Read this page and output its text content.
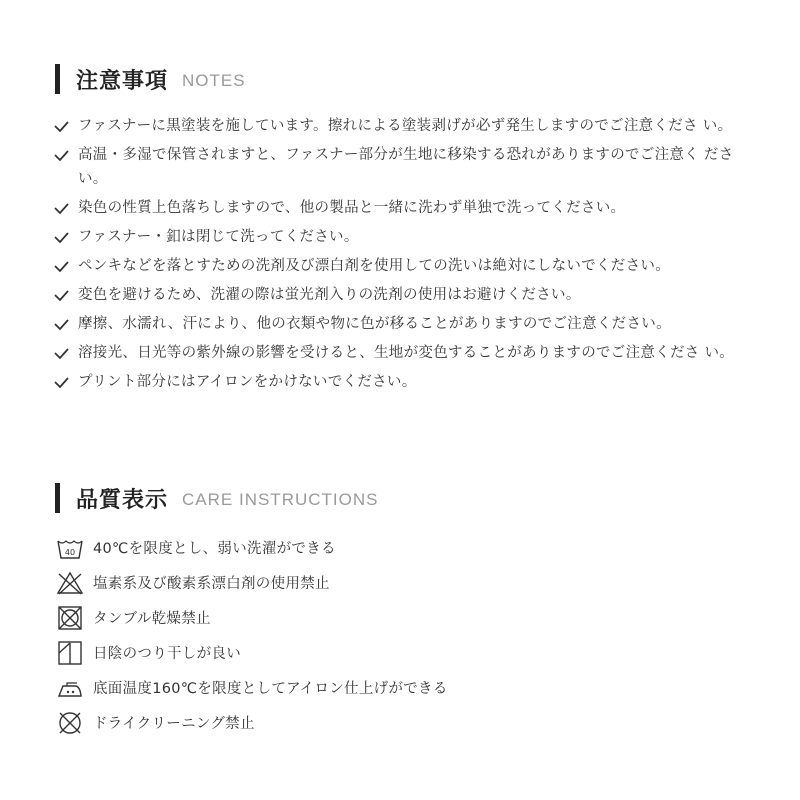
注意事項 NOTES
ファスナーに黒塗装を施しています。擦れによる塗装剥げが必ず発生しますのでご注意くださ い。
高温・多湿で保管されますと、ファスナー部分が生地に移染する恐れがありますのでご注意く ださい。
染色の性質上色落ちしますので、他の製品と一緒に洗わず単独で洗ってください。
ファスナー・釦は閉じて洗ってください。
ペンキなどを落とすための洗剤及び漂白剤を使用しての洗いは絶対にしないでください。
変色を避けるため、洗濯の際は蛍光剤入りの洗剤の使用はお避けください。
摩擦、水濡れ、汗により、他の衣類や物に色が移ることがありますのでご注意ください。
溶接光、日光等の紫外線の影響を受けると、生地が変色することがありますのでご注意くださ い。
プリント部分にはアイロンをかけないでください。
品質表示 CARE INSTRUCTIONS
40 40℃を限度とし、弱い洗濯ができる
塩素系及び酸素系漂白剤の使用禁止
タンブル乾燥禁止
日陰のつり干しが良い
底面温度160℃を限度としてアイロン仕上げができる
ドライクリーニング禁止
